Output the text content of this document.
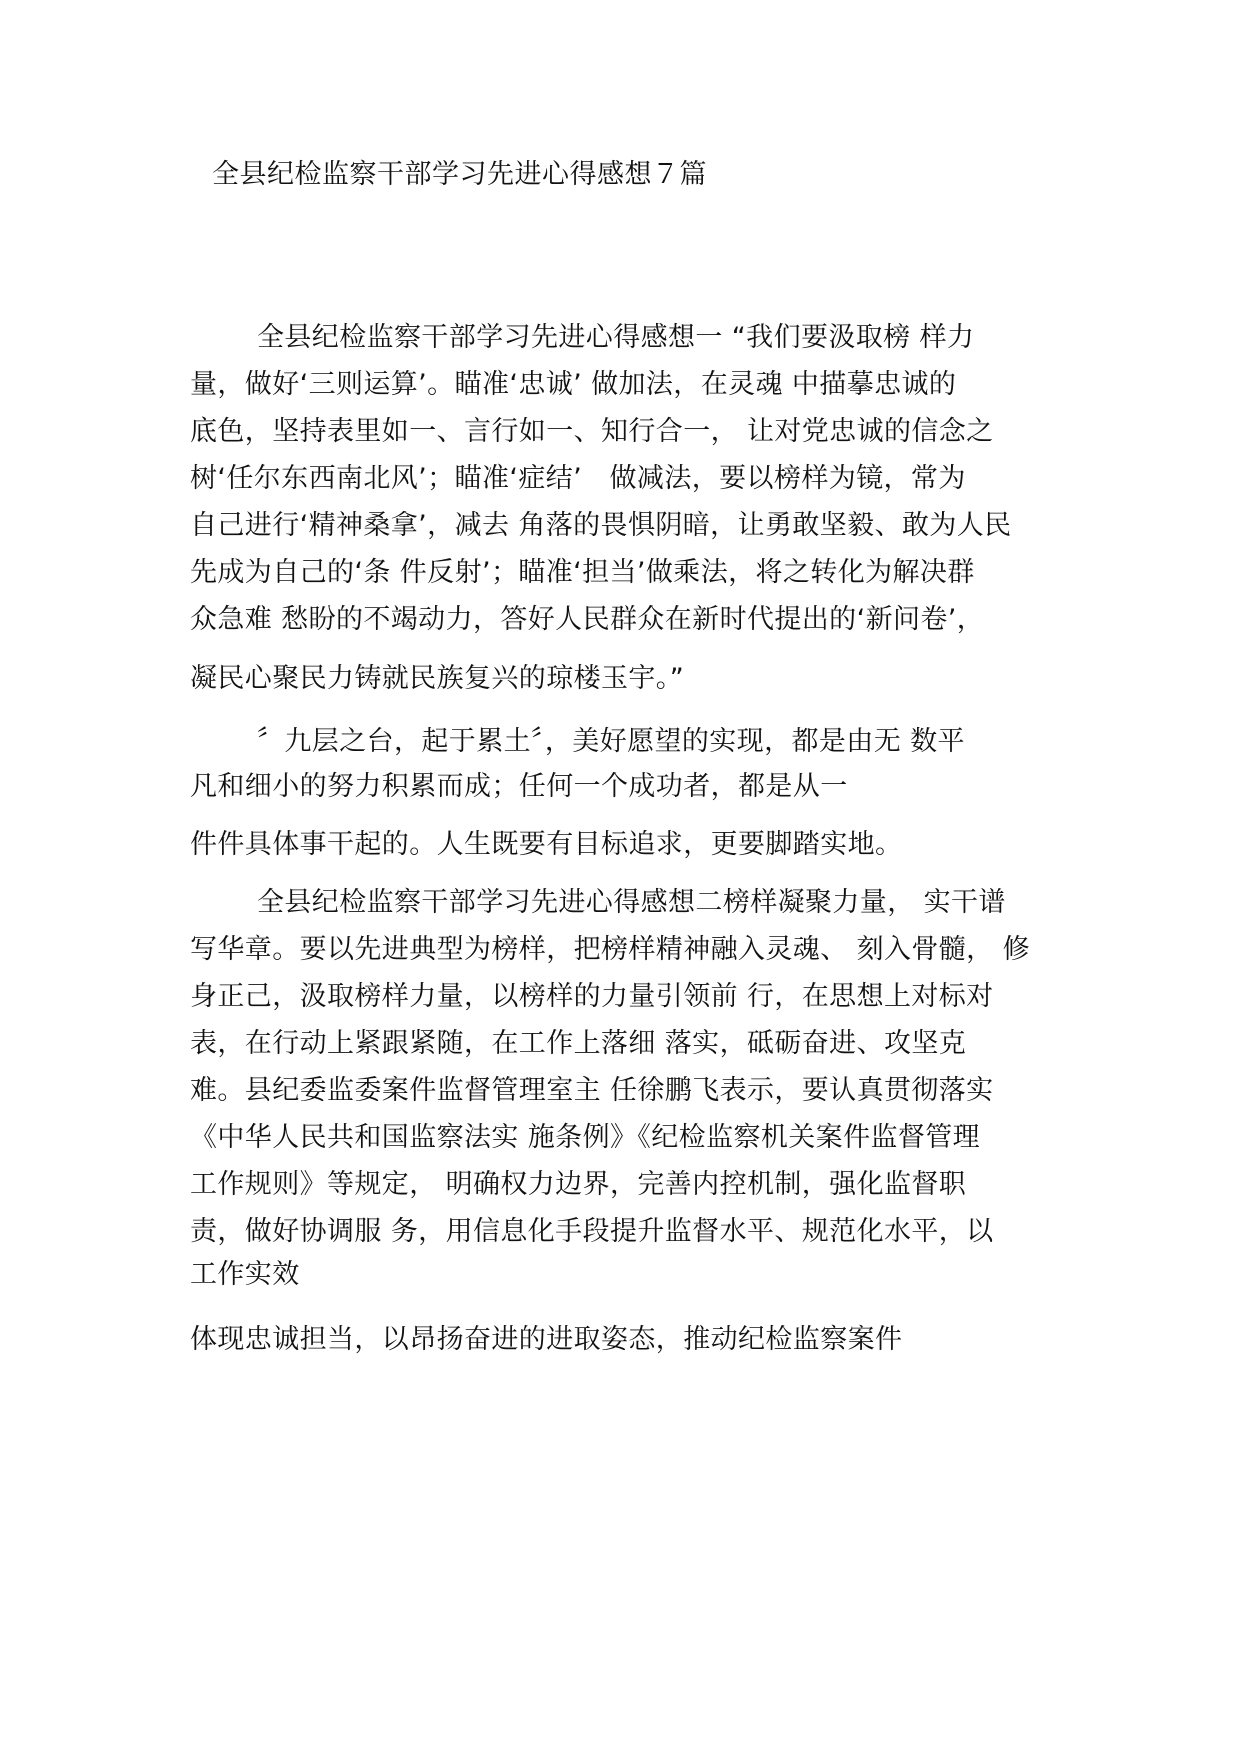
全县纪检监察干部学习先进心得感想７篇
全县纪检监察干部学习先进心得感想一 “我们要汲取榜 样力
量，做好‘三则运算’。瞄准‘忠诚’ 做加法，在灵魂 中描摹忠诚的
底色，坚持表里如一、言行如一、知行合一， 让对党忠诚的信念之
树‘任尔东西南北风’；瞄准‘症结’　做减法，要以榜样为镜，常为
自己进行‘精神桑拿’，减去 角落的畏惧阴暗，让勇敢坚毅、敢为人民
先成为自己的‘条 件反射’；瞄准‘担当’做乘法，将之转化为解决群
众急难 愁盼的不竭动力，答好人民群众在新时代提出的‘新问卷’，
凝民心聚民力铸就民族复兴的琼楼玉宇。”
〞九层之台，起于累土〞，美好愿望的实现，都是由无 数平
凡和细小的努力积累而成；任何一个成功者，都是从一
件件具体事干起的。人生既要有目标追求，更要脚踏实地。
全县纪检监察干部学习先进心得感想二榜样凝聚力量， 实干谱
写华章。要以先进典型为榜样，把榜样精神融入灵魂、 刻入骨髓， 修
身正己，汲取榜样力量，以榜样的力量引领前 行，在思想上对标对
表，在行动上紧跟紧随，在工作上落细 落实，砥砺奋进、攻坚克
难。县纪委监委案件监督管理室主 任徐鹏飞表示，要认真贯彻落实
《中华人民共和国监察法实 施条例》《纪检监察机关案件监督管理
工作规则》等规定， 明确权力边界，完善内控机制，强化监督职
责，做好协调服 务，用信息化手段提升监督水平、规范化水平，以
工作实效
体现忠诚担当，以昂扬奋进的进取姿态，推动纪检监察案件
